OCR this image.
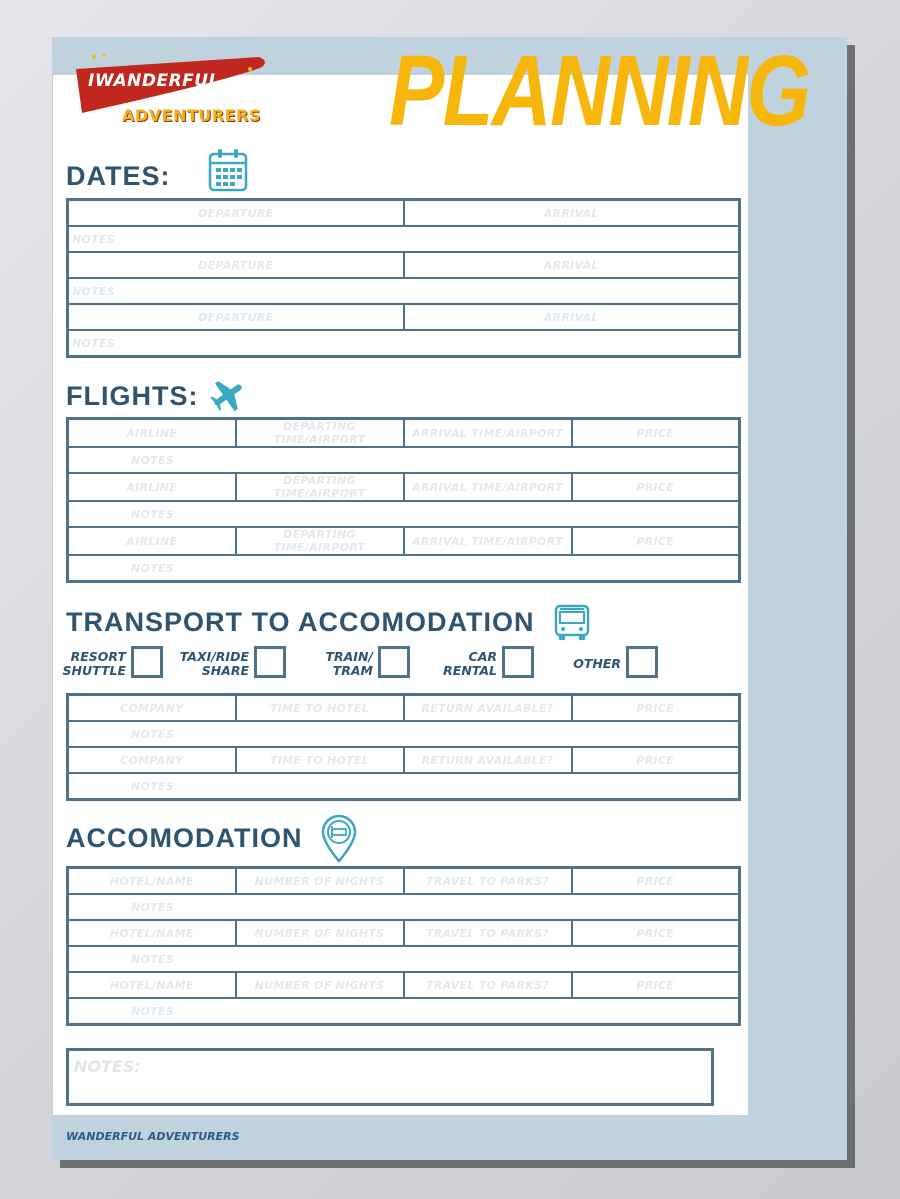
IWANDERFUL
ADVENTURERS PLANNING
DATES:
DEPARTURE	ARRIVAL
NOTES	
DEPARTURE	ARRIVAL
NOTES	
DEPARTURE	ARRIVAL
NOTES	
FLIGHTS:
AIRLINE	DEPARTING TIME/AIRPORT	ARRIVAL TIME/AIRPORT	PRICE
NOTES			
AIRLINE	DEPARTING TIME/AIRPORT	ARRIVAL TIME/AIRPORT	PRICE
NOTES			
AIRLINE	DEPARTING TIME/AIRPORT	ARRIVAL TIME/AIRPORT	PRICE
NOTES			
TRANSPORT TO ACCOMODATION
RESORT
SHUTTLE
TAXI/RIDE
SHARE
TRAIN/
TRAM
CAR
RENTAL	OTHER
COMPANY	TIME TO HOTEL	RETURN AVAILABLE?	PRICE
NOTES			
COMPANY	TIME TO HOTEL	RETURN AVAILABLE?	PRICE
NOTES			
ACCOMODATION
HOTEL/NAME	NUMBER OF NIGHTS	TRAVEL TO PARKS?	PRICE
NOTES			
HOTEL/NAME	NUMBER OF NIGHTS	TRAVEL TO PARKS?	PRICE
NOTES			
HOTEL/NAME	NUMBER OF NIGHTS	TRAVEL TO PARKS?	PRICE
NOTES			
NOTES:
WANDERFUL ADVENTURERS
